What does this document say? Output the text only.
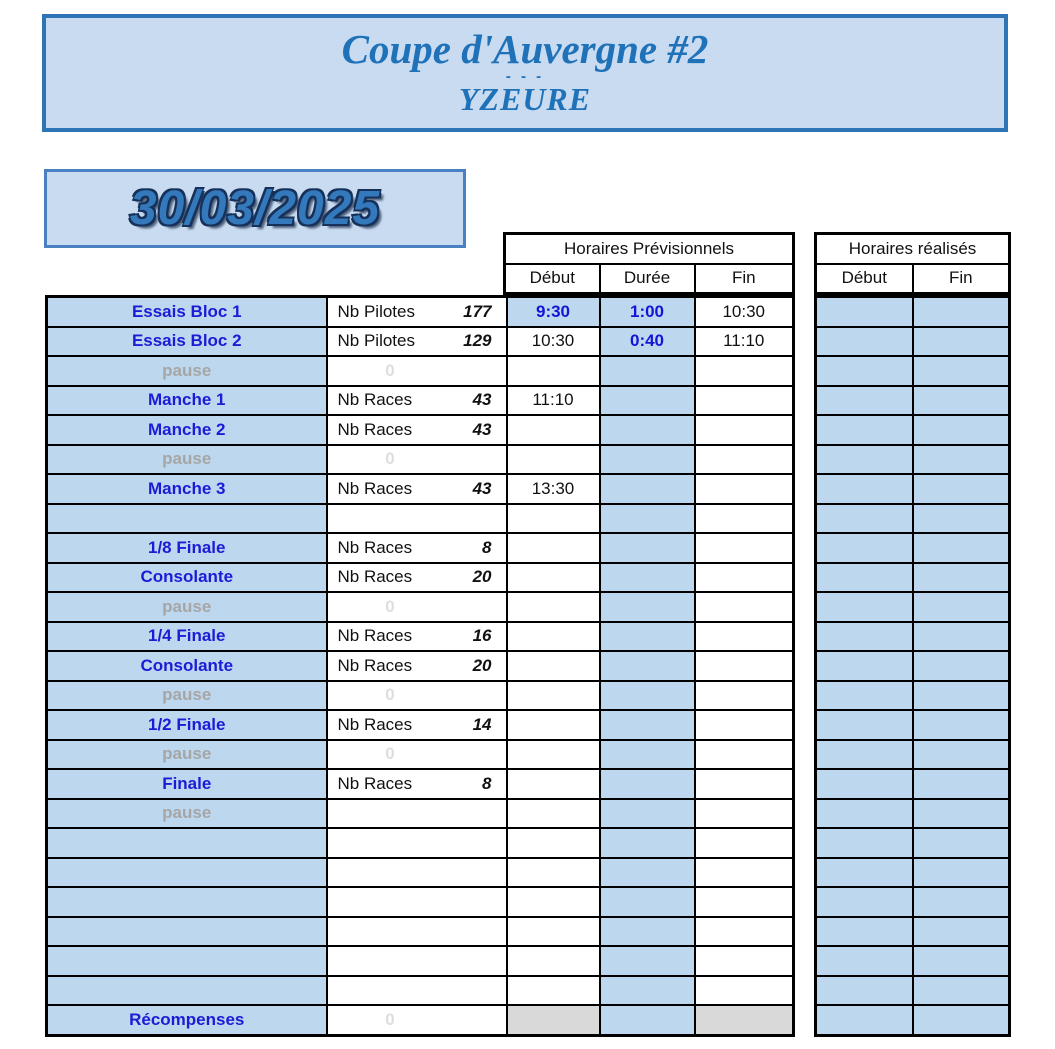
Coupe d'Auvergne #2
- - -
YZEURE
30/03/2025
Horaires Prévisionnels
Début	Durée	Fin
Horaires réalisés
Début	Fin
Essais Bloc 1	Nb Pilotes 177	9:30	1:00	10:30
Essais Bloc 2	Nb Pilotes 129	10:30	0:40	11:10
pause	0			

Manche 1	Nb Races 43	11:10		
Manche 2	Nb Races 43			

pause	0			

Manche 3	Nb Races 43	13:30		

1/8 Finale	Nb Races 8			

Consolante	Nb Races 20			

pause	0			

1/4 Finale	Nb Races 16			

Consolante	Nb Races 20			

pause	0			

1/2 Finale	Nb Races 14			

pause	0			

Finale	Nb Races 8			

pause				

Récompenses	0			
